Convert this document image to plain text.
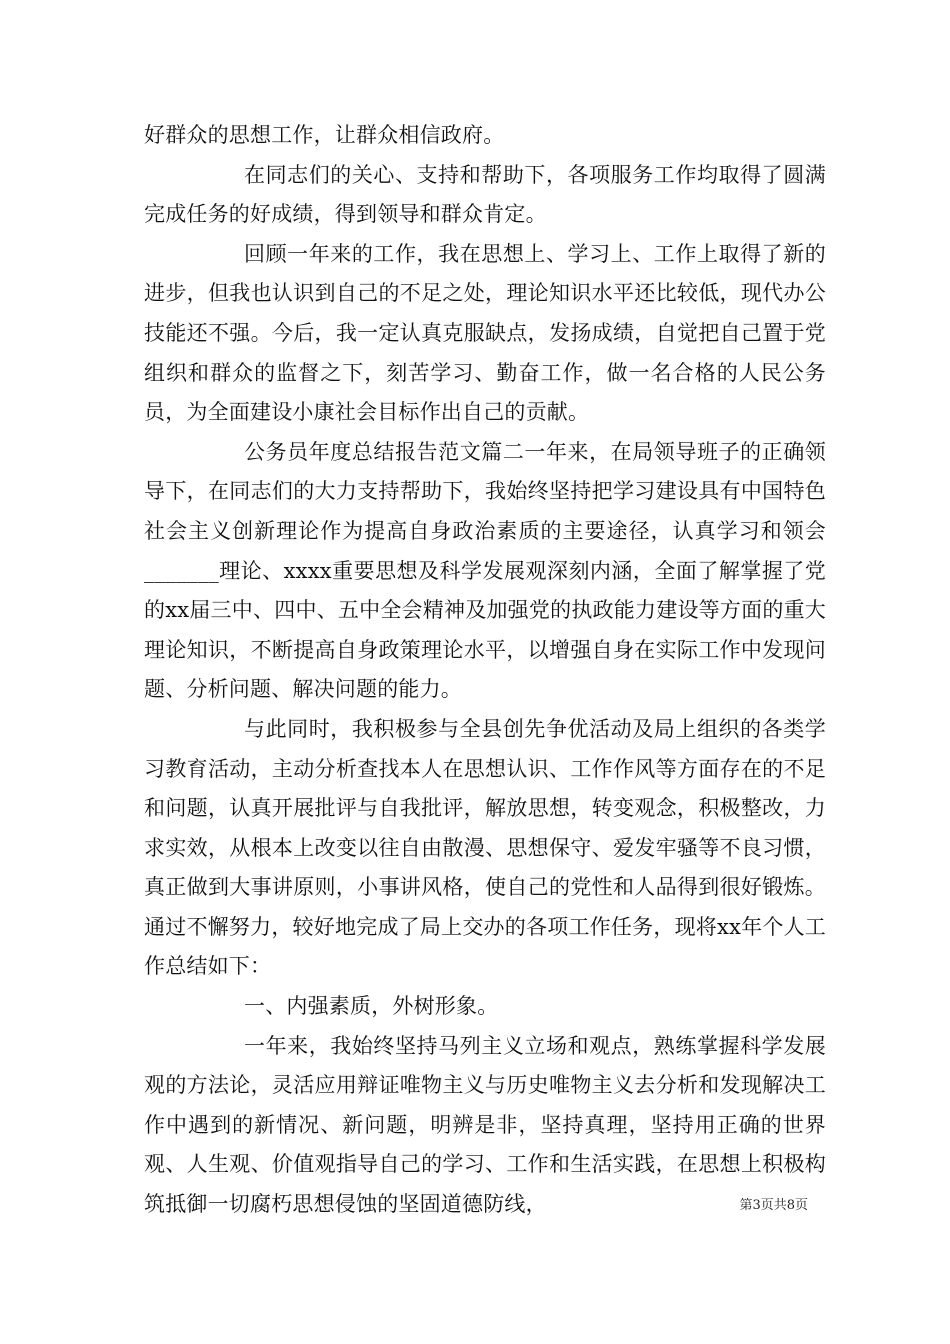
好群众的思想工作，让群众相信政府。

在同志们的关心、支持和帮助下，各项服务工作均取得了圆满完成任务的好成绩，得到领导和群众肯定。

回顾一年来的工作，我在思想上、学习上、工作上取得了新的进步，但我也认识到自己的不足之处，理论知识水平还比较低，现代办公技能还不强。今后，我一定认真克服缺点，发扬成绩，自觉把自己置于党组织和群众的监督之下，刻苦学习、勤奋工作，做一名合格的人民公务员，为全面建设小康社会目标作出自己的贡献。

公务员年度总结报告范文篇二一年来，在局领导班子的正确领导下，在同志们的大力支持帮助下，我始终坚持把学习建设具有中国特色社会主义创新理论作为提高自身政治素质的主要途径，认真学习和领会_______理论、xxxx重要思想及科学发展观深刻内涵，全面了解掌握了党的xx届三中、四中、五中全会精神及加强党的执政能力建设等方面的重大理论知识，不断提高自身政策理论水平，以增强自身在实际工作中发现问题、分析问题、解决问题的能力。

与此同时，我积极参与全县创先争优活动及局上组织的各类学习教育活动，主动分析查找本人在思想认识、工作作风等方面存在的不足和问题，认真开展批评与自我批评，解放思想，转变观念，积极整改，力求实效，从根本上改变以往自由散漫、思想保守、爱发牢骚等不良习惯，真正做到大事讲原则，小事讲风格，使自己的党性和人品得到很好锻炼。通过不懈努力，较好地完成了局上交办的各项工作任务，现将xx年个人工作总结如下：

一、内强素质，外树形象。

一年来，我始终坚持马列主义立场和观点，熟练掌握科学发展观的方法论，灵活应用辩证唯物主义与历史唯物主义去分析和发现解决工作中遇到的新情况、新问题，明辨是非，坚持真理，坚持用正确的世界观、人生观、价值观指导自己的学习、工作和生活实践，在思想上积极构筑抵御一切腐朽思想侵蚀的坚固道德防线，	第3页共8页
